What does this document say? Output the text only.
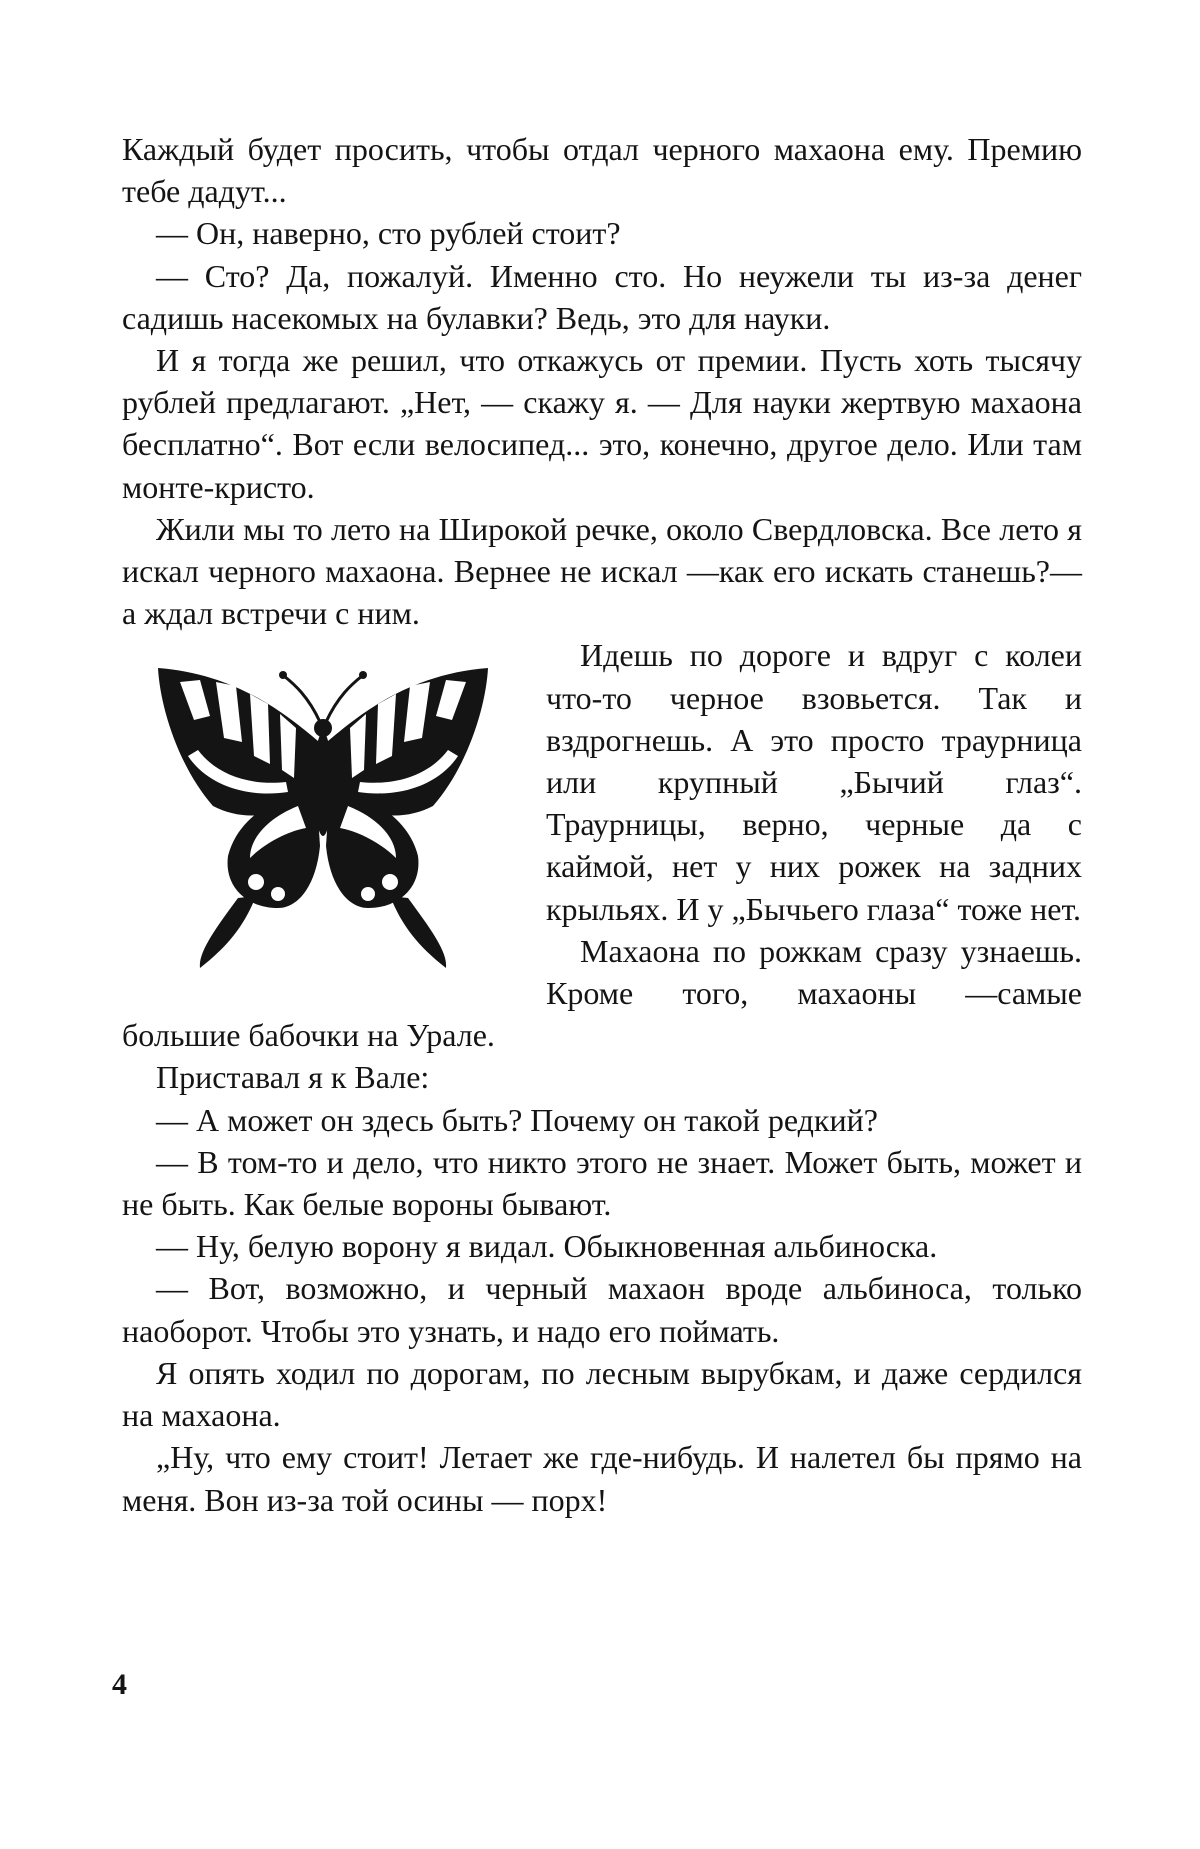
Каждый будет просить, чтобы отдал черного махаона ему. Премию тебе дадут...

— Он, наверно, сто рублей стоит?

— Сто? Да, пожалуй. Именно сто. Но неужели ты из-за денег садишь насекомых на булавки? Ведь, это для науки.

И я тогда же решил, что откажусь от премии. Пусть хоть тысячу рублей предлагают. „Нет, — скажу я. — Для науки жертвую махаона бесплатно“. Вот если велосипед... это, конечно, другое дело. Или там монте-кристо.

Жили мы то лето на Широкой речке, около Свердловска. Все лето я искал черного махаона. Вернее не искал —как его искать станешь?— а ждал встречи с ним.

Идешь по дороге и вдруг с колеи что-то черное взовьется. Так и вздрогнешь. А это просто траурница или крупный „Бычий глаз“. Траурницы, верно, черные да с каймой, нет у них рожек на задних крыльях. И у „Бычьего глаза“ тоже нет.

Махаона по рожкам сразу узнаешь. Кроме того, махаоны —самые большие бабочки на Урале.

Приставал я к Вале:

— А может он здесь быть? Почему он такой редкий?

— В том-то и дело, что никто этого не знает. Может быть, может и не быть. Как белые вороны бывают.

— Ну, белую ворону я видал. Обыкновенная альбиноска.

— Вот, возможно, и черный махаон вроде альбиноса, только наоборот. Чтобы это узнать, и надо его поймать.

Я опять ходил по дорогам, по лесным вырубкам, и даже сердился на махаона.

„Ну, что ему стоит! Летает же где-нибудь. И налетел бы прямо на меня. Вон из-за той осины — порх!

4
